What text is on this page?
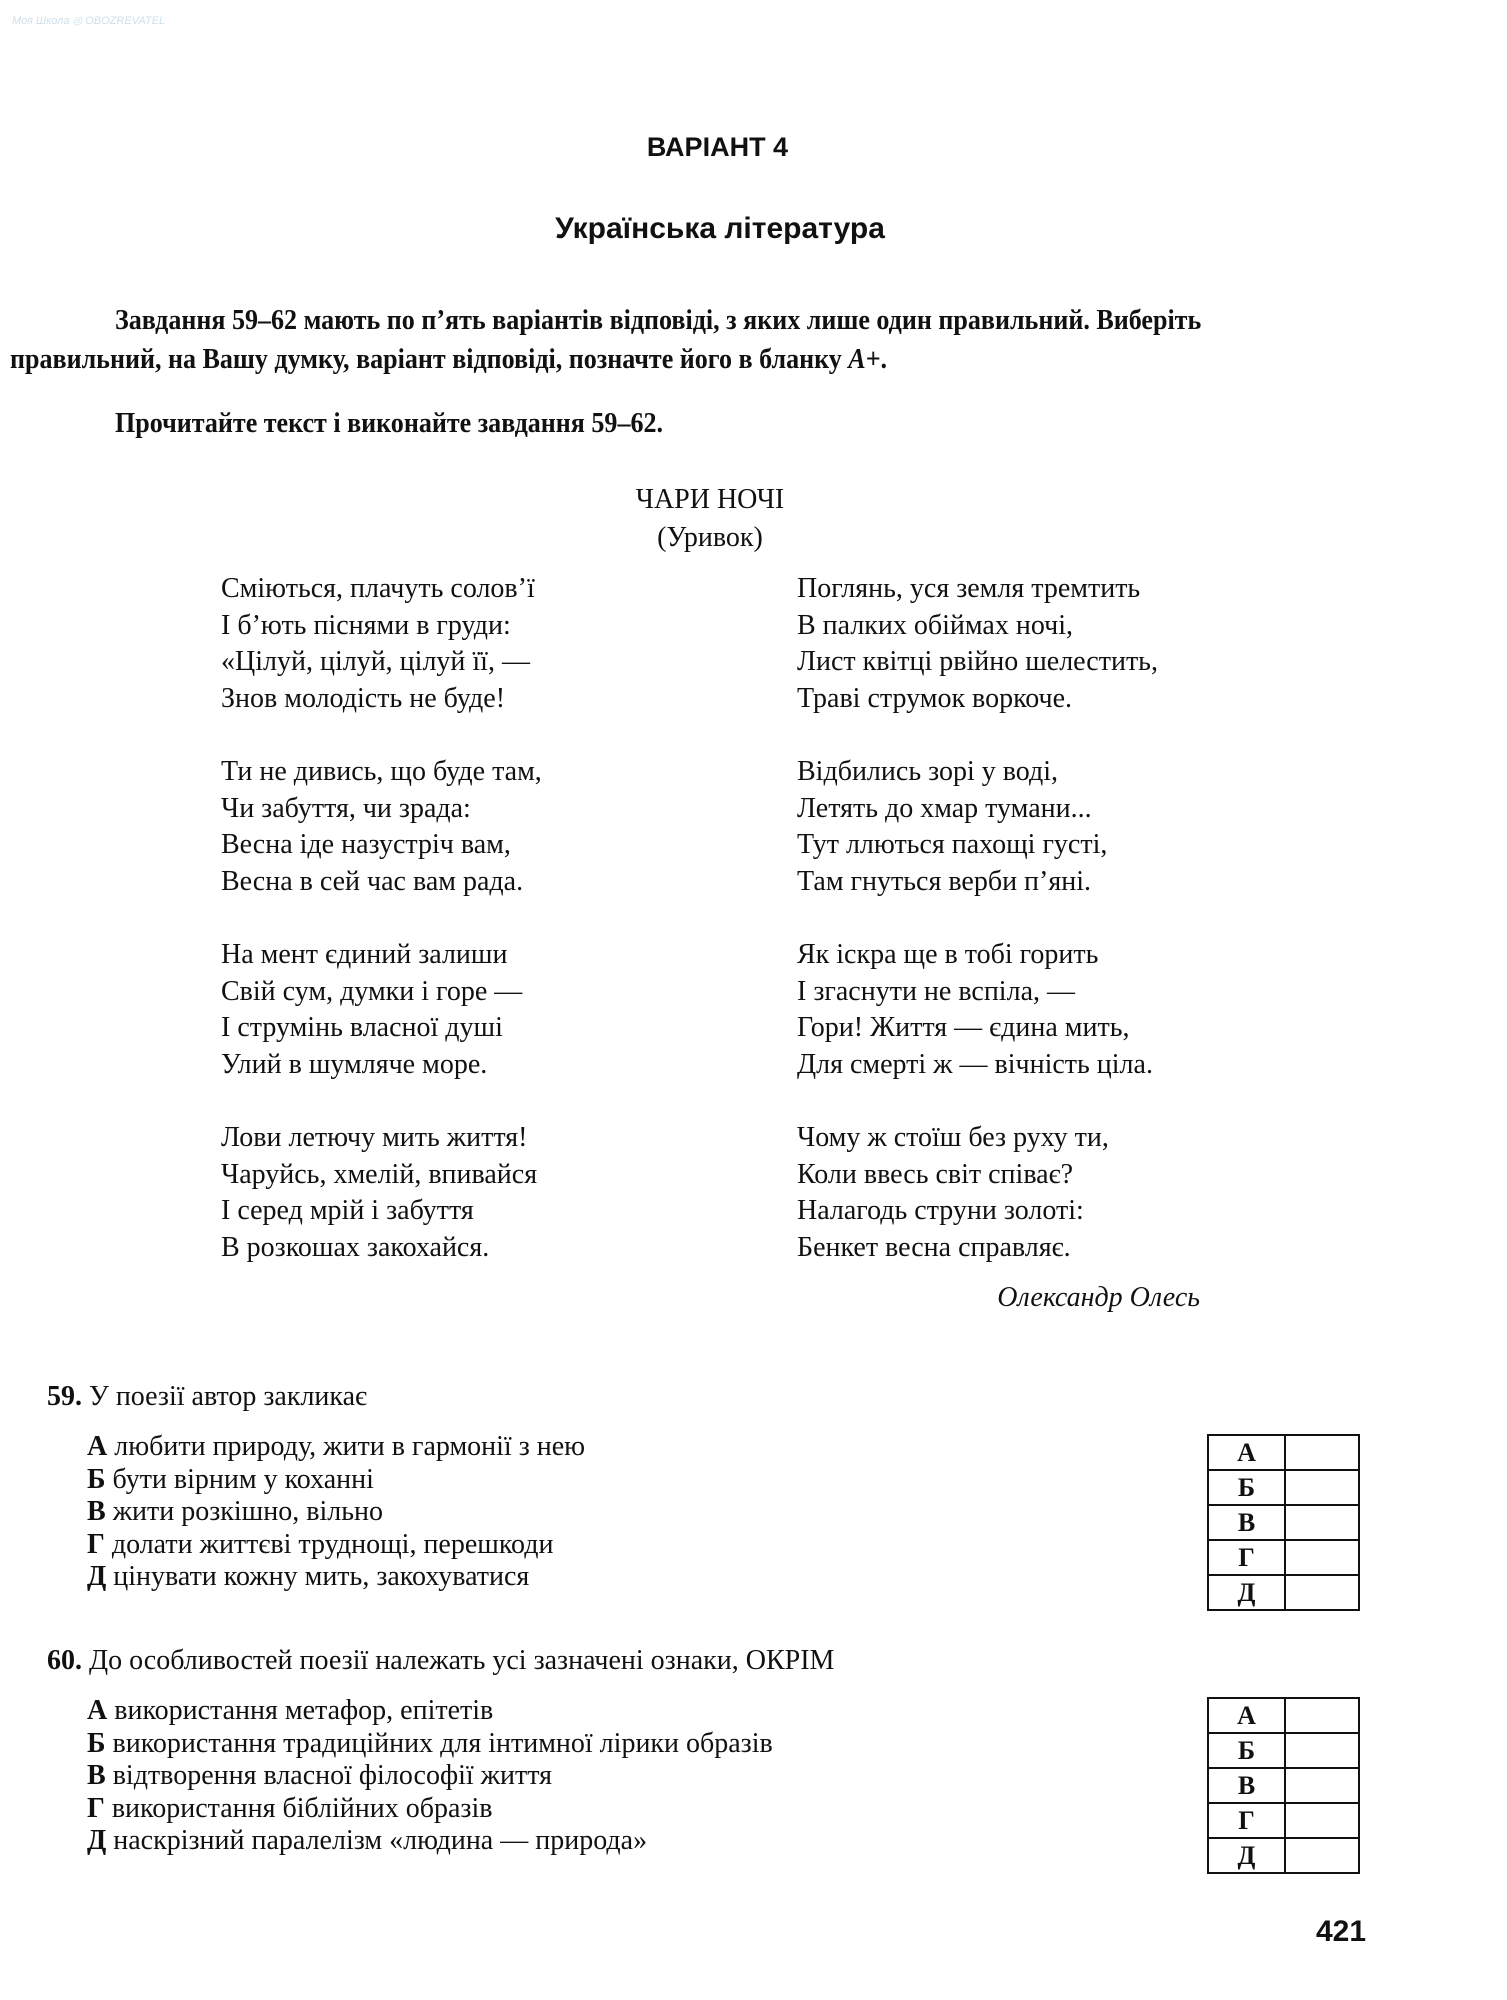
Моя Школа ◎ OBOZREVATEL
ВАРІАНТ 4
Українська література
Завдання 59–62 мають по п’ять варіантів відповіді, з яких лише один правильний. Виберіть
правильний, на Вашу думку, варіант відповіді, позначте його в бланку А+.
Прочитайте текст і виконайте завдання 59–62.
ЧАРИ НОЧІ
(Уривок)
Сміються, плачуть солов’ї
І б’ють піснями в груди:
«Цілуй, цілуй, цілуй її, —
Знов молодість не буде!
Ти не дивись, що буде там,
Чи забуття, чи зрада:
Весна іде назустріч вам,
Весна в сей час вам рада.
На мент єдиний залиши
Свій сум, думки і горе —
І струмінь власної душі
Улий в шумляче море.
Лови летючу мить життя!
Чаруйсь, хмелій, впивайся
І серед мрій і забуття
В розкошах закохайся.
Поглянь, уся земля тремтить
В палких обіймах ночі,
Лист квітці рвійно шелестить,
Траві струмок воркоче.
Відбились зорі у воді,
Летять до хмар тумани...
Тут ллються пахощі густі,
Там гнуться верби п’яні.
Як іскра ще в тобі горить
І згаснути не вспіла, —
Гори! Життя — єдина мить,
Для смерті ж — вічність ціла.
Чому ж стоїш без руху ти,
Коли ввесь світ співає?
Налагодь струни золоті:
Бенкет весна справляє.
Олександр Олесь
59. У поезії автор закликає
А любити природу, жити в гармонії з нею
Б бути вірним у коханні
В жити розкішно, вільно
Г долати життєві труднощі, перешкоди
Д цінувати кожну мить, закохуватися
А	
Б	
В	
Г	
Д	
60. До особливостей поезії належать усі зазначені ознаки, ОКРІМ
А використання метафор, епітетів
Б використання традиційних для інтимної лірики образів
В відтворення власної філософії життя
Г використання біблійних образів
Д наскрізний паралелізм «людина — природа»
А	
Б	
В	
Г	
Д	
421
